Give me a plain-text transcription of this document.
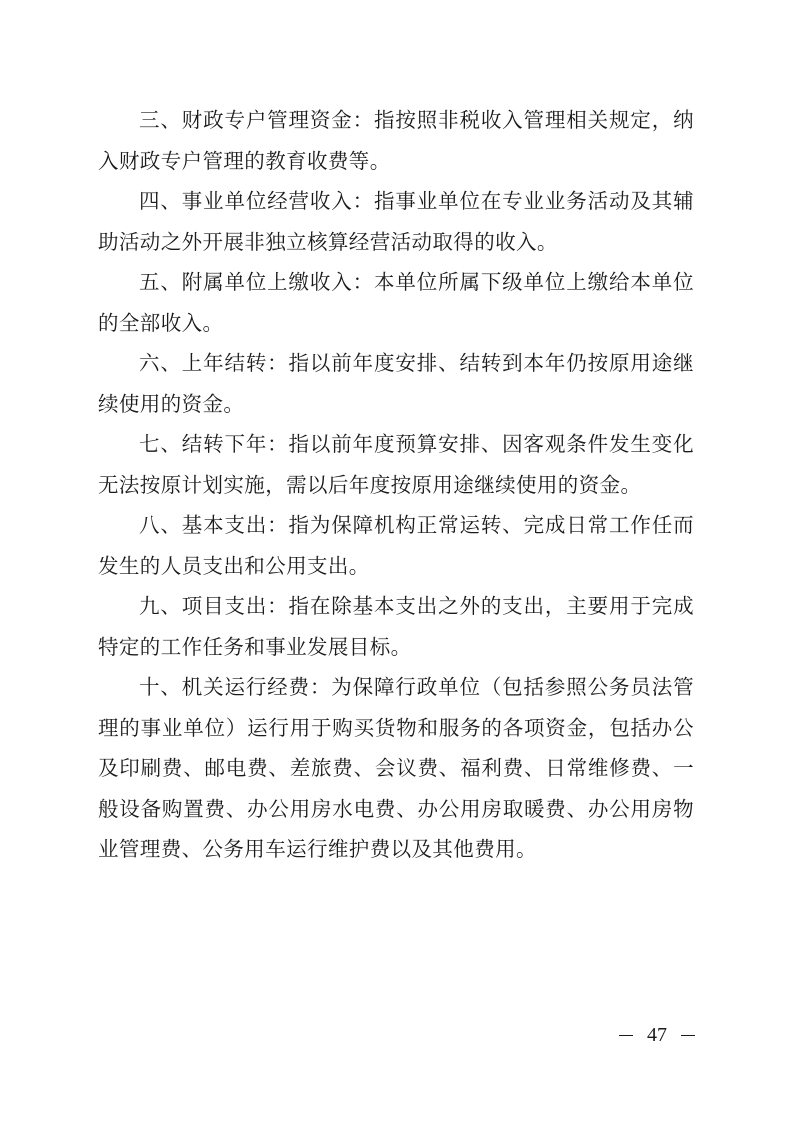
三、财政专户管理资金：指按照非税收入管理相关规定，纳入财政专户管理的教育收费等。

四、事业单位经营收入：指事业单位在专业业务活动及其辅助活动之外开展非独立核算经营活动取得的收入。

五、附属单位上缴收入：本单位所属下级单位上缴给本单位的全部收入。

六、上年结转：指以前年度安排、结转到本年仍按原用途继续使用的资金。

七、结转下年：指以前年度预算安排、因客观条件发生变化无法按原计划实施，需以后年度按原用途继续使用的资金。

八、基本支出：指为保障机构正常运转、完成日常工作任而发生的人员支出和公用支出。

九、项目支出：指在除基本支出之外的支出，主要用于完成特定的工作任务和事业发展目标。

十、机关运行经费：为保障行政单位（包括参照公务员法管理的事业单位）运行用于购买货物和服务的各项资金，包括办公及印刷费、邮电费、差旅费、会议费、福利费、日常维修费、一般设备购置费、办公用房水电费、办公用房取暖费、办公用房物业管理费、公务用车运行维护费以及其他费用。

47
